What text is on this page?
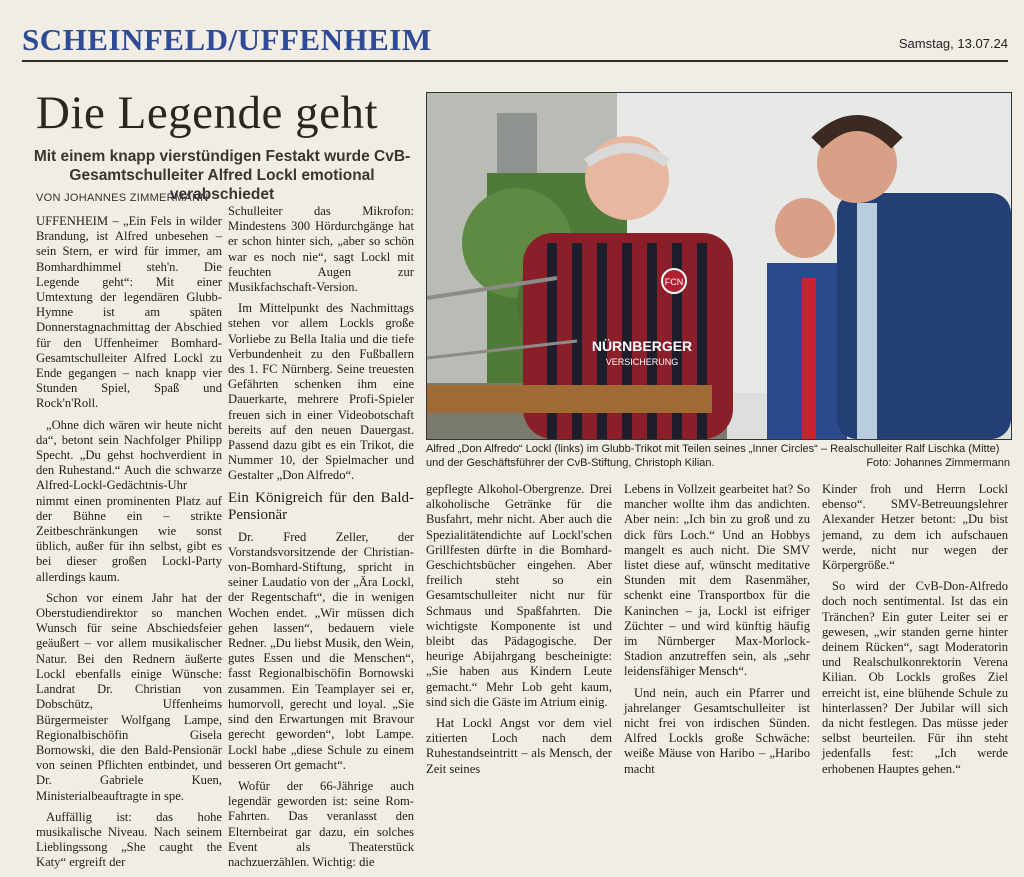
SCHEINFELD/UFFENHEIM	Samstag, 13.07.24
Die Legende geht
Mit einem knapp vierstündigen Festakt wurde CvB-Gesamtschulleiter Alfred Lockl emotional verabschiedet
VON JOHANNES ZIMMERMANN

UFFENHEIM – „Ein Fels in wilder Brandung, ist Alfred unbesehen – sein Stern, er wird für immer, am Bomhardhimmel steh'n. Die Legende geht“: Mit einer Umtextung der legendären Glubb-Hymne ist am späten Donnerstagnachmittag der Abschied für den Uffenheimer Bomhard-Gesamtschulleiter Alfred Lockl zu Ende gegangen – nach knapp vier Stunden Spiel, Spaß und Rock'n'Roll.

„Ohne dich wären wir heute nicht da“, betont sein Nachfolger Philipp Specht. „Du gehst hochverdient in den Ruhestand.“ Auch die schwarze Alfred-Lockl-Gedächtnis-Uhr nimmt einen prominenten Platz auf der Bühne ein – strikte Zeitbeschränkungen wie sonst üblich, außer für ihn selbst, gibt es bei dieser großen Lockl-Party allerdings kaum.

Schon vor einem Jahr hat der Oberstudiendirektor so manchen Wunsch für seine Abschiedsfeier geäußert – vor allem musikalischer Natur. Bei den Rednern äußerte Lockl ebenfalls einige Wünsche: Landrat Dr. Christian von Dobschütz, Uffenheims Bürgermeister Wolfgang Lampe, Regionalbischöfin Gisela Bornowski, die den Bald-Pensionär von seinen Pflichten entbindet, und Dr. Gabriele Kuen, Ministerialbeauftragte in spe.

Auffällig ist: das hohe musikalische Niveau. Nach seinem Lieblingssong „She caught the Katy“ ergreift der

Schulleiter das Mikrofon: Mindestens 300 Hördurchgänge hat er schon hinter sich, „aber so schön war es noch nie“, sagt Lockl mit feuchten Augen zur Musikfachschaft-Version.

Im Mittelpunkt des Nachmittags stehen vor allem Lockls große Vorliebe zu Bella Italia und die tiefe Verbundenheit zu den Fußballern des 1. FC Nürnberg. Seine treuesten Gefährten schenken ihm eine Dauerkarte, mehrere Profi-Spieler freuen sich in einer Videobotschaft bereits auf den neuen Dauergast. Passend dazu gibt es ein Trikot, die Nummer 10, der Spielmacher und Gestalter „Don Alfredo“.

Ein Königreich für den Bald-Pensionär

Dr. Fred Zeller, der Vorstandsvorsitzende der Christian-von-Bomhard-Stiftung, spricht in seiner Laudatio von der „Ära Lockl, der Regentschaft“, die in wenigen Wochen endet. „Wir müssen dich gehen lassen“, bedauern viele Redner. „Du liebst Musik, den Wein, gutes Essen und die Menschen“, fasst Regionalbischöfin Bornowski zusammen. Ein Teamplayer sei er, humorvoll, gerecht und loyal. „Sie sind den Erwartungen mit Bravour gerecht geworden“, lobt Lampe. Lockl habe „diese Schule zu einem besseren Ort gemacht“.

Wofür der 66-Jährige auch legendär geworden ist: seine Rom-Fahrten. Das veranlasst den Elternbeirat gar dazu, ein solches Event als Theaterstück nachzuerzählen. Wichtig: die

FCN
NÜRNBERGER
VERSICHERUNG
Alfred „Don Alfredo“ Lockl (links) im Glubb-Trikot mit Teilen seines „Inner Circles“ – Realschulleiter Ralf Lischka (Mitte) und der Geschäftsführer der CvB-Stiftung, Christoph Kilian.	Foto: Johannes Zimmermann

gepflegte Alkohol-Obergrenze. Drei alkoholische Getränke für die Busfahrt, mehr nicht. Aber auch die Spezialitätendichte auf Lockl'schen Grillfesten dürfte in die Bomhard-Geschichtsbücher eingehen. Aber freilich steht so ein Gesamtschulleiter nicht nur für Schmaus und Spaßfahrten. Die wichtigste Komponente ist und bleibt das Pädagogische. Der heurige Abijahrgang bescheinigte: „Sie haben aus Kindern Leute gemacht.“ Mehr Lob geht kaum, sind sich die Gäste im Atrium einig.

Hat Lockl Angst vor dem viel zitierten Loch nach dem Ruhestandseintritt – als Mensch, der Zeit seines

Lebens in Vollzeit gearbeitet hat? So mancher wollte ihm das andichten. Aber nein: „Ich bin zu groß und zu dick fürs Loch.“ Und an Hobbys mangelt es auch nicht. Die SMV listet diese auf, wünscht meditative Stunden mit dem Rasenmäher, schenkt eine Transportbox für die Kaninchen – ja, Lockl ist eifriger Züchter – und wird künftig häufig im Nürnberger Max-Morlock-Stadion anzutreffen sein, als „sehr leidensfähiger Mensch“.

Und nein, auch ein Pfarrer und jahrelanger Gesamtschulleiter ist nicht frei von irdischen Sünden. Alfred Lockls große Schwäche: weiße Mäuse von Haribo – „Haribo macht

Kinder froh und Herrn Lockl ebenso“. SMV-Betreuungslehrer Alexander Hetzer betont: „Du bist jemand, zu dem ich aufschauen werde, nicht nur wegen der Körpergröße.“

So wird der CvB-Don-Alfredo doch noch sentimental. Ist das ein Tränchen? Ein guter Leiter sei er gewesen, „wir standen gerne hinter deinem Rücken“, sagt Moderatorin und Realschulkonrektorin Verena Kilian. Ob Lockls großes Ziel erreicht ist, eine blühende Schule zu hinterlassen? Der Jubilar will sich da nicht festlegen. Das müsse jeder selbst beurteilen. Für ihn steht jedenfalls fest: „Ich werde erhobenen Hauptes gehen.“
